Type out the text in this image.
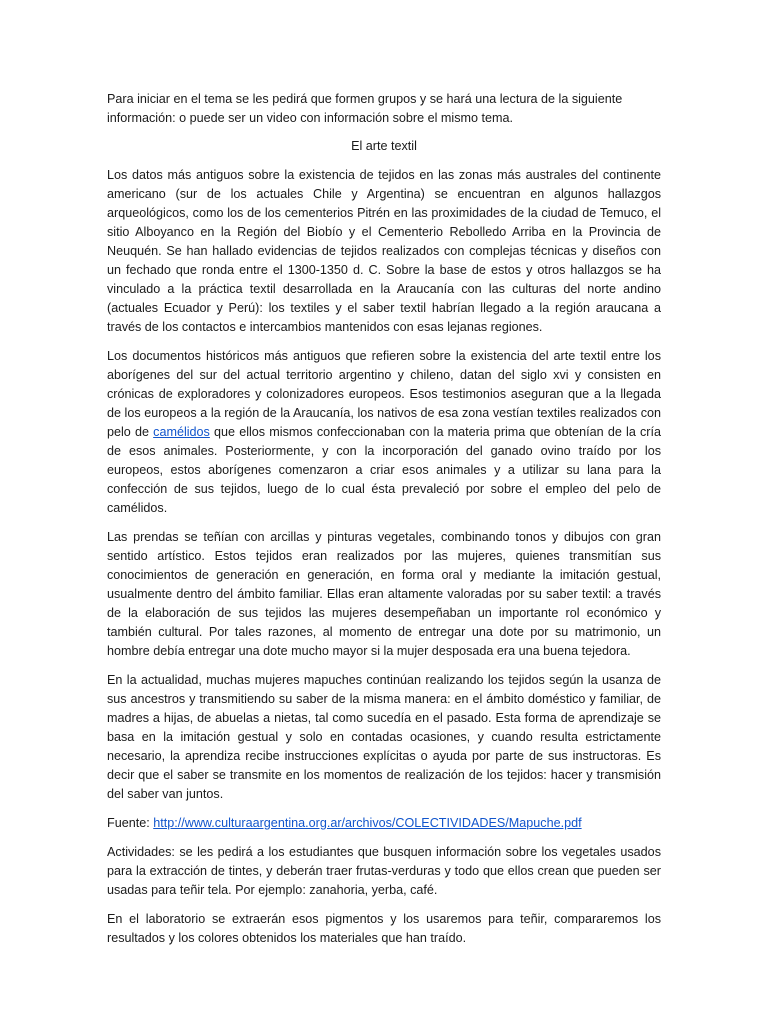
Para iniciar en el tema se les pedirá que formen grupos y se hará una lectura de la siguiente información: o puede ser un video con información sobre el mismo tema.

El arte textil

Los datos más antiguos sobre la existencia de tejidos en las zonas más australes del continente americano (sur de los actuales Chile y Argentina) se encuentran en algunos hallazgos arqueológicos, como los de los cementerios Pitrén en las proximidades de la ciudad de Temuco, el sitio Alboyanco en la Región del Biobío y el Cementerio Rebolledo Arriba en la Provincia de Neuquén. Se han hallado evidencias de tejidos realizados con complejas técnicas y diseños con un fechado que ronda entre el 1300-1350 d. C. Sobre la base de estos y otros hallazgos se ha vinculado a la práctica textil desarrollada en la Araucanía con las culturas del norte andino (actuales Ecuador y Perú): los textiles y el saber textil habrían llegado a la región araucana a través de los contactos e intercambios mantenidos con esas lejanas regiones.

Los documentos históricos más antiguos que refieren sobre la existencia del arte textil entre los aborígenes del sur del actual territorio argentino y chileno, datan del siglo xvi y consisten en crónicas de exploradores y colonizadores europeos. Esos testimonios aseguran que a la llegada de los europeos a la región de la Araucanía, los nativos de esa zona vestían textiles realizados con pelo de camélidos que ellos mismos confeccionaban con la materia prima que obtenían de la cría de esos animales. Posteriormente, y con la incorporación del ganado ovino traído por los europeos, estos aborígenes comenzaron a criar esos animales y a utilizar su lana para la confección de sus tejidos, luego de lo cual ésta prevaleció por sobre el empleo del pelo de camélidos.

Las prendas se teñían con arcillas y pinturas vegetales, combinando tonos y dibujos con gran sentido artístico. Estos tejidos eran realizados por las mujeres, quienes transmitían sus conocimientos de generación en generación, en forma oral y mediante la imitación gestual, usualmente dentro del ámbito familiar. Ellas eran altamente valoradas por su saber textil: a través de la elaboración de sus tejidos las mujeres desempeñaban un importante rol económico y también cultural. Por tales razones, al momento de entregar una dote por su matrimonio, un hombre debía entregar una dote mucho mayor si la mujer desposada era una buena tejedora.

En la actualidad, muchas mujeres mapuches continúan realizando los tejidos según la usanza de sus ancestros y transmitiendo su saber de la misma manera: en el ámbito doméstico y familiar, de madres a hijas, de abuelas a nietas, tal como sucedía en el pasado. Esta forma de aprendizaje se basa en la imitación gestual y solo en contadas ocasiones, y cuando resulta estrictamente necesario, la aprendiza recibe instrucciones explícitas o ayuda por parte de sus instructoras. Es decir que el saber se transmite en los momentos de realización de los tejidos: hacer y transmisión del saber van juntos.

Fuente: http://www.culturaargentina.org.ar/archivos/COLECTIVIDADES/Mapuche.pdf

Actividades: se les pedirá a los estudiantes que busquen información sobre los vegetales usados para la extracción de tintes, y deberán traer frutas-verduras y todo que ellos crean que pueden ser usadas para teñir tela. Por ejemplo: zanahoria, yerba, café.

En el laboratorio se extraerán esos pigmentos y los usaremos para teñir, compararemos los resultados y los colores obtenidos los materiales que han traído.
